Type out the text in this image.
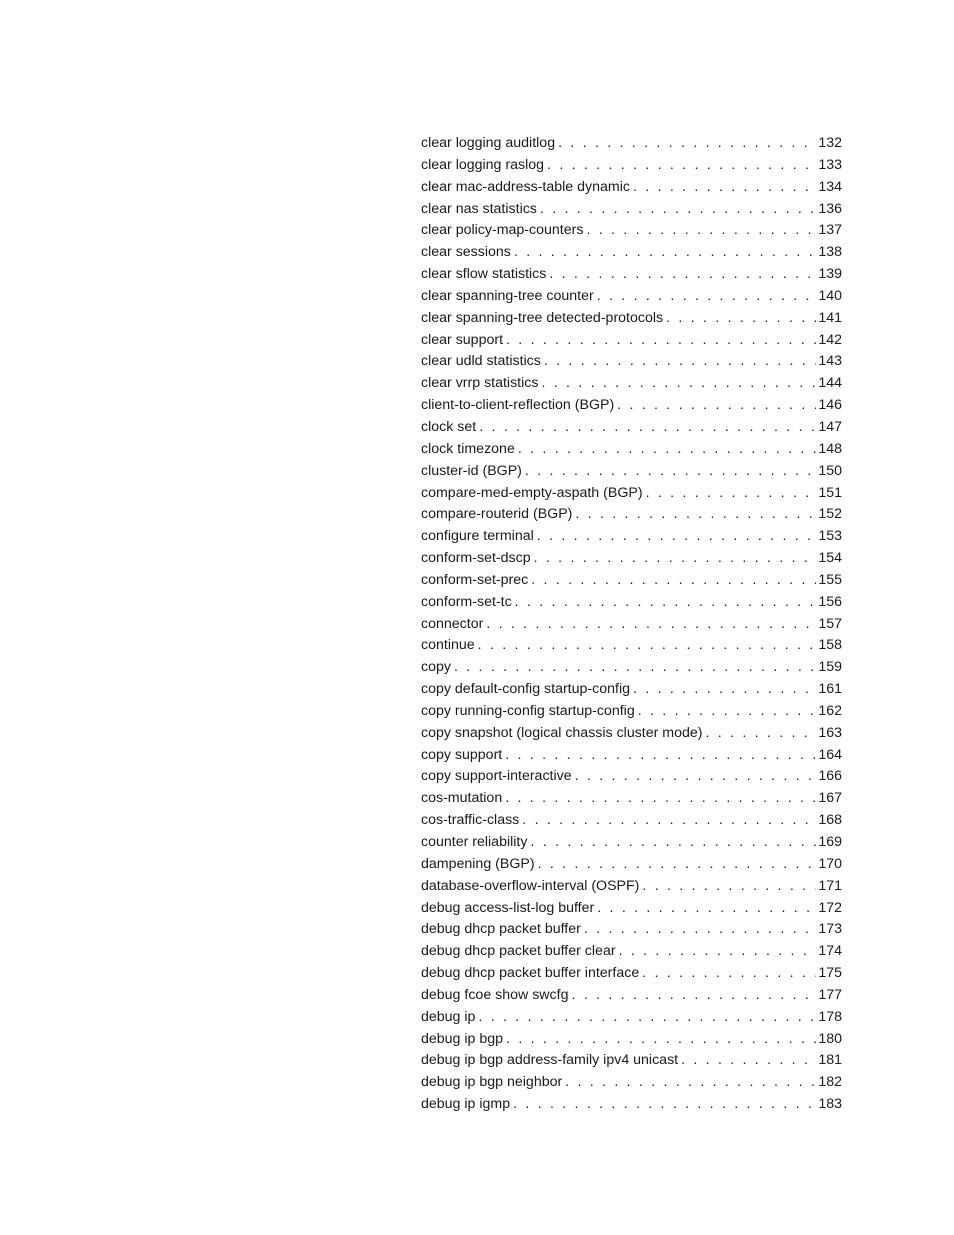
clear logging auditlog . . .	132
clear logging raslog . . .	133
clear mac-address-table dynamic . . .	134
clear nas statistics . . .	136
clear policy-map-counters . . .	137
clear sessions . . .	138
clear sflow statistics . . .	139
clear spanning-tree counter . . .	140
clear spanning-tree detected-protocols . . .	141
clear support . . .	142
clear udld statistics . . .	143
clear vrrp statistics . . .	144
client-to-client-reflection (BGP) . . .	146
clock set . . .	147
clock timezone . . .	148
cluster-id (BGP) . . .	150
compare-med-empty-aspath (BGP) . . .	151
compare-routerid (BGP) . . .	152
configure terminal . . .	153
conform-set-dscp . . .	154
conform-set-prec . . .	155
conform-set-tc . . .	156
connector . . .	157
continue . . .	158
copy . . .	159
copy default-config startup-config . . .	161
copy running-config startup-config . . .	162
copy snapshot (logical chassis cluster mode) . . .	163
copy support . . .	164
copy support-interactive . . .	166
cos-mutation . . .	167
cos-traffic-class . . .	168
counter reliability . . .	169
dampening (BGP) . . .	170
database-overflow-interval (OSPF) . . .	171
debug access-list-log buffer . . .	172
debug dhcp packet buffer . . .	173
debug dhcp packet buffer clear . . .	174
debug dhcp packet buffer interface . . .	175
debug fcoe show swcfg . . .	177
debug ip . . .	178
debug ip bgp . . .	180
debug ip bgp address-family ipv4 unicast . . .	181
debug ip bgp neighbor . . .	182
debug ip igmp . . .	183
